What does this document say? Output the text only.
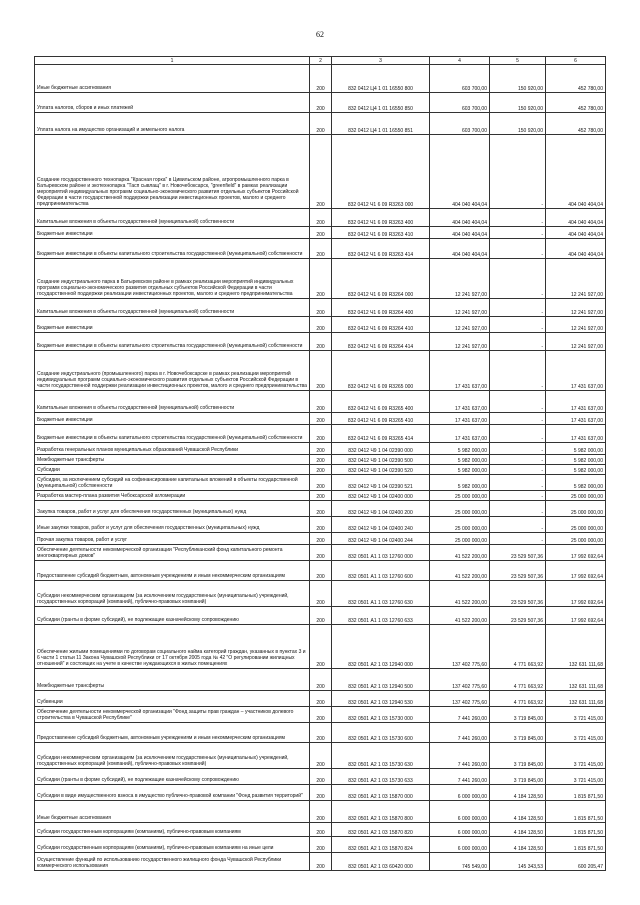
62
1	2	3	4	5	6
Иные бюджетные ассигнования	200	832 0412 Ц4 1 01 16550 800	603 700,00	150 920,00	452 780,00
Уплата налогов, сборов и иных платежей	200	832 0412 Ц4 1 01 16550 850	603 700,00	150 920,00	452 780,00
Уплата налога на имущество организаций и земельного налога	200	832 0412 Ц4 1 01 16550 851	603 700,00	150 920,00	452 780,00
Создание государственного технопарка "Красная горка" в Цивильском районе, агропромышленного парка в Батыревском районе и экотехнопарка "Тасп сывлащ" в г. Новочебоксарск, "greenfield" в рамках реализации мероприятий индивидуальных программ социально-экономического развития отдельных субъектов Российской Федерации в части государственной поддержки реализации инвестиционных проектов, малого и среднего предпринимательства	200	832 0412 Ч1 6 09 R3263 000	404 040 404,04	-	404 040 404,04
Капитальные вложения в объекты государственной (муниципальной) собственности	200	832 0412 Ч1 6 09 R3263 400	404 040 404,04	-	404 040 404,04
Бюджетные инвестиции	200	832 0412 Ч1 6 09 R3263 410	404 040 404,04	-	404 040 404,04
Бюджетные инвестиции в объекты капитального строительства государственной (муниципальной) собственности	200	832 0412 Ч1 6 09 R3263 414	404 040 404,04	-	404 040 404,04
Создание индустриального парка в Батыревском районе в рамках реализации мероприятий индивидуальных программ социально-экономического развития отдельных субъектов Российской Федерации в части государственной поддержки реализации инвестиционных проектов, малого и среднего предпринимательства	200	832 0412 Ч1 6 09 R3264 000	12 241 927,00	-	12 241 927,00
Капитальные вложения в объекты государственной (муниципальной) собственности	200	832 0412 Ч1 6 09 R3264 400	12 241 927,00	-	12 241 927,00
Бюджетные инвестиции	200	832 0412 Ч1 6 09 R3264 410	12 241 927,00	-	12 241 927,00
Бюджетные инвестиции в объекты капитального строительства государственной (муниципальной) собственности	200	832 0412 Ч1 6 09 R3264 414	12 241 927,00	-	12 241 927,00
Создание индустриального (промышленного) парка в г. Новочебоксарске в рамках реализации мероприятий индивидуальных программ социально-экономического развития отдельных субъектов Российской Федерации в части государственной поддержки реализации инвестиционных проектов, малого и среднего предпринимательства	200	832 0412 Ч1 6 09 R3265 000	17 431 637,00	-	17 431 637,00
Капитальные вложения в объекты государственной (муниципальной) собственности	200	832 0412 Ч1 6 09 R3265 400	17 431 637,00	-	17 431 637,00
Бюджетные инвестиции	200	832 0412 Ч1 6 09 R3265 410	17 431 637,00	-	17 431 637,00
Бюджетные инвестиции в объекты капитального строительства государственной (муниципальной) собственности	200	832 0412 Ч1 6 09 R3265 414	17 431 637,00	-	17 431 637,00
Разработка генеральных планов муниципальных образований Чувашской Республики	200	832 0412 Ч9 1 04 02390 000	5 982 000,00	-	5 982 000,00
Межбюджетные трансферты	200	832 0412 Ч9 1 04 02390 500	5 982 000,00	-	5 982 000,00
Субсидии	200	832 0412 Ч9 1 04 02390 520	5 982 000,00	-	5 982 000,00
Субсидии, за исключением субсидий на софинансирование капитальных вложений в объекты государственной (муниципальной) собственности	200	832 0412 Ч9 1 04 02390 521	5 982 000,00	-	5 982 000,00
Разработка мастер-плана развития Чебоксарской агломерации	200	832 0412 Ч9 1 04 02400 000	25 000 000,00	-	25 000 000,00
Закупка товаров, работ и услуг для обеспечения государственных (муниципальных) нужд	200	832 0412 Ч9 1 04 02400 200	25 000 000,00	-	25 000 000,00
Иные закупки товаров, работ и услуг для обеспечения государственных (муниципальных) нужд	200	832 0412 Ч9 1 04 02400 240	25 000 000,00	-	25 000 000,00
Прочая закупка товаров, работ и услуг	200	832 0412 Ч9 1 04 02400 244	25 000 000,00	-	25 000 000,00
Обеспечение деятельности некоммерческой организации "Республиканский фонд капитального ремонта многоквартирных домов"	200	832 0501 А1 1 03 12760 000	41 522 200,00	23 529 507,36	17 992 692,64
Предоставление субсидий бюджетным, автономным учреждениям и иным некоммерческим организациям	200	832 0501 А1 1 03 12760 600	41 522 200,00	23 529 507,36	17 992 692,64
Субсидии некоммерческим организациям (за исключением государственных (муниципальных) учреждений, государственных корпораций (компаний), публично-правовых компаний)	200	832 0501 А1 1 03 12760 630	41 522 200,00	23 529 507,36	17 992 692,64
Субсидии (гранты в форме субсидий), не подлежащие казначейскому сопровождению	200	832 0501 А1 1 03 12760 633	41 522 200,00	23 529 507,36	17 992 692,64
Обеспечение жилыми помещениями по договорам социального найма категорий граждан, указанных в пунктах 3 и 6 части 1 статьи 11 Закона Чувашской Республики от 17 октября 2005 года № 42 "О регулировании жилищных отношений" и состоящих на учете в качестве нуждающихся в жилых помещениях	200	832 0501 А2 1 03 12940 000	137 402 775,60	4 771 663,92	132 631 111,68
Межбюджетные трансферты	200	832 0501 А2 1 03 12940 500	137 402 775,60	4 771 663,92	132 631 111,68
Субвенции	200	832 0501 А2 1 03 12940 530	137 402 775,60	4 771 663,92	132 631 111,68
Обеспечение деятельности некоммерческой организации "Фонд защиты прав граждан – участников долевого строительства в Чувашской Республике"	200	832 0501 А2 1 03 15730 000	7 441 260,00	3 719 845,00	3 721 415,00
Предоставление субсидий бюджетным, автономным учреждениям и иным некоммерческим организациям	200	832 0501 А2 1 03 15730 600	7 441 260,00	3 719 845,00	3 721 415,00
Субсидии некоммерческим организациям (за исключением государственных (муниципальных) учреждений, государственных корпораций (компаний), публично-правовых компаний)	200	832 0501 А2 1 03 15730 630	7 441 260,00	3 719 845,00	3 721 415,00
Субсидии (гранты в форме субсидий), не подлежащие казначейскому сопровождению	200	832 0501 А2 1 03 15730 633	7 441 260,00	3 719 845,00	3 721 415,00
Субсидии в виде имущественного взноса в имущество публично-правовой компании "Фонд развития территорий"	200	832 0501 А2 1 03 15870 000	6 000 000,00	4 184 128,50	1 815 871,50
Иные бюджетные ассигнования	200	832 0501 А2 1 03 15870 800	6 000 000,00	4 184 128,50	1 815 871,50
Субсидии государственным корпорациям (компаниям), публично-правовым компаниям	200	832 0501 А2 1 03 15870 820	6 000 000,00	4 184 128,50	1 815 871,50
Субсидии государственным корпорациям (компаниям), публично-правовым компаниям на иные цели	200	832 0501 А2 1 03 15870 824	6 000 000,00	4 184 128,50	1 815 871,50
Осуществление функций по использованию государственного жилищного фонда Чувашской Республики коммерческого использования	200	832 0501 А2 1 03 60420 000	745 549,00	145 343,53	600 205,47
